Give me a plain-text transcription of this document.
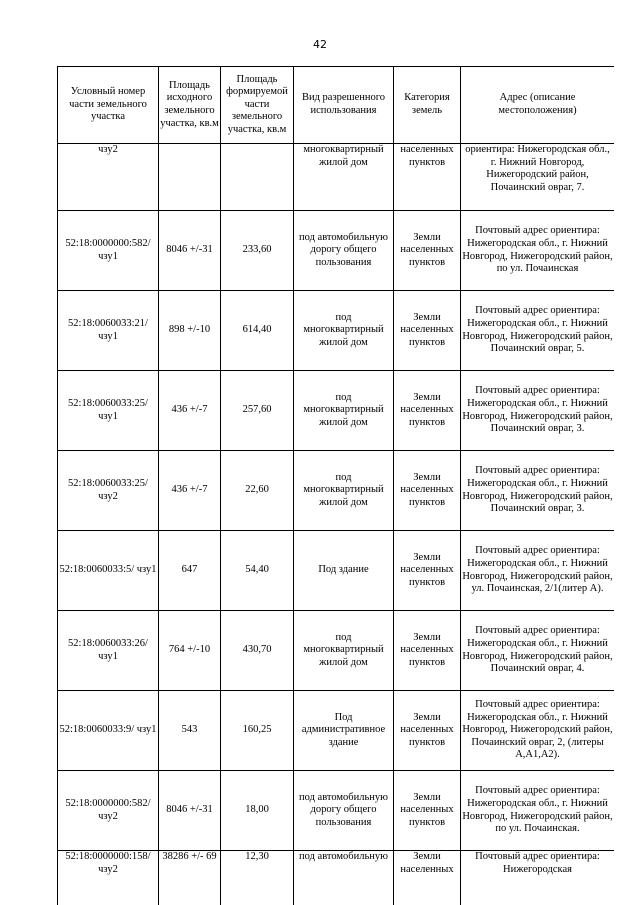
42
Условный номер части земельного участка	Площадь исходного земельного участка, кв.м	Площадь формируемой части земельного участка, кв.м	Вид разрешенного использования	Категория земель	Адрес (описание местоположения)
чзу2			многоквартирный жилой дом	населенных пунктов	ориентира: Нижегородская обл., г. Нижний Новгород, Нижегородский район, Почаинский овраг, 7.
52:18:0000000:582/ чзу1	8046 +/-31	233,60	под автомобильную дорогу общего пользования	Земли населенных пунктов	Почтовый адрес ориентира: Нижегородская обл., г. Нижний Новгород, Нижегородский район, по ул. Почаинская
52:18:0060033:21/ чзу1	898 +/-10	614,40	под многоквартирный жилой дом	Земли населенных пунктов	Почтовый адрес ориентира: Нижегородская обл., г. Нижний Новгород, Нижегородский район, Почаинский овраг, 5.
52:18:0060033:25/ чзу1	436 +/-7	257,60	под многоквартирный жилой дом	Земли населенных пунктов	Почтовый адрес ориентира: Нижегородская обл., г. Нижний Новгород, Нижегородский район, Почаинский овраг, 3.
52:18:0060033:25/ чзу2	436 +/-7	22,60	под многоквартирный жилой дом	Земли населенных пунктов	Почтовый адрес ориентира: Нижегородская обл., г. Нижний Новгород, Нижегородский район, Почаинский овраг, 3.
52:18:0060033:5/ чзу1	647	54,40	Под здание	Земли населенных пунктов	Почтовый адрес ориентира: Нижегородская обл., г. Нижний Новгород, Нижегородский район, ул. Почаинская, 2/1(литер А).
52:18:0060033:26/ чзу1	764 +/-10	430,70	под многоквартирный жилой дом	Земли населенных пунктов	Почтовый адрес ориентира: Нижегородская обл., г. Нижний Новгород, Нижегородский район, Почаинский овраг, 4.
52:18:0060033:9/ чзу1	543	160,25	Под административное здание	Земли населенных пунктов	Почтовый адрес ориентира: Нижегородская обл., г. Нижний Новгород, Нижегородский район, Почаинский овраг, 2, (литеры А,А1,А2).
52:18:0000000:582/ чзу2	8046 +/-31	18,00	под автомобильную дорогу общего пользования	Земли населенных пунктов	Почтовый адрес ориентира: Нижегородская обл., г. Нижний Новгород, Нижегородский район, по ул. Почаинская.
52:18:0000000:158/ чзу2	38286 +/- 69	12,30	под автомобильную	Земли населенных	Почтовый адрес ориентира: Нижегородская
